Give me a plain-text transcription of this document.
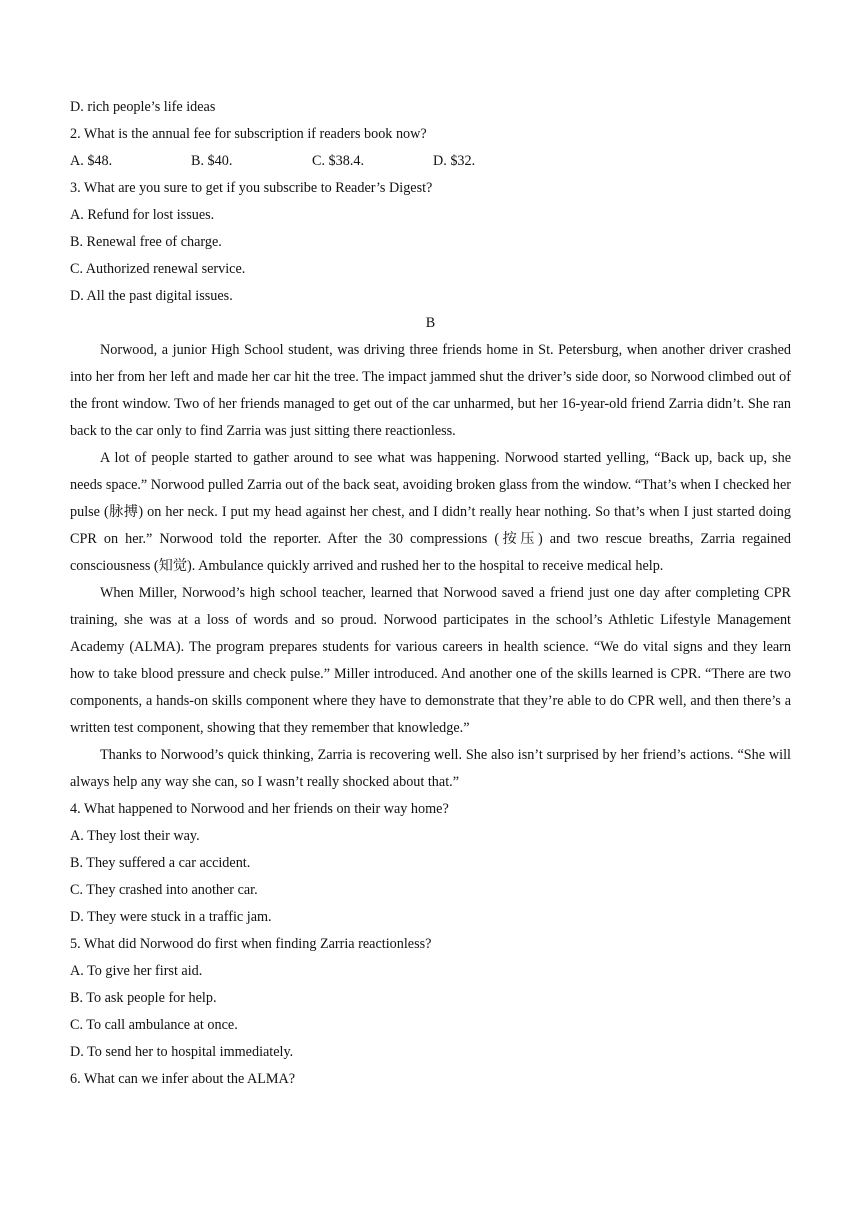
D. rich people’s life ideas
2. What is the annual fee for subscription if readers book now?
A. $48.	B. $40.	C. $38.4.	D. $32.
3. What are you sure to get if you subscribe to Reader’s Digest?
A. Refund for lost issues.
B. Renewal free of charge.
C. Authorized renewal service.
D. All the past digital issues.
B
Norwood, a junior High School student, was driving three friends home in St. Petersburg, when another driver crashed into her from her left and made her car hit the tree. The impact jammed shut the driver’s side door, so Norwood climbed out of the front window. Two of her friends managed to get out of the car unharmed, but her 16-year-old friend Zarria didn’t. She ran back to the car only to find Zarria was just sitting there reactionless.
A lot of people started to gather around to see what was happening. Norwood started yelling, “Back up, back up, she needs space.” Norwood pulled Zarria out of the back seat, avoiding broken glass from the window. “That’s when I checked her pulse (脉搏) on her neck. I put my head against her chest, and I didn’t really hear nothing. So that’s when I just started doing CPR on her.” Norwood told the reporter. After the 30 compressions (按压) and two rescue breaths, Zarria regained consciousness (知觉). Ambulance quickly arrived and rushed her to the hospital to receive medical help.
When Miller, Norwood’s high school teacher, learned that Norwood saved a friend just one day after completing CPR training, she was at a loss of words and so proud. Norwood participates in the school’s Athletic Lifestyle Management Academy (ALMA). The program prepares students for various careers in health science. “We do vital signs and they learn how to take blood pressure and check pulse.” Miller introduced. And another one of the skills learned is CPR. “There are two components, a hands-on skills component where they have to demonstrate that they’re able to do CPR well, and then there’s a written test component, showing that they remember that knowledge.”
Thanks to Norwood’s quick thinking, Zarria is recovering well. She also isn’t surprised by her friend’s actions. “She will always help any way she can, so I wasn’t really shocked about that.”
4. What happened to Norwood and her friends on their way home?
A. They lost their way.
B. They suffered a car accident.
C. They crashed into another car.
D. They were stuck in a traffic jam.
5. What did Norwood do first when finding Zarria reactionless?
A. To give her first aid.
B. To ask people for help.
C. To call ambulance at once.
D. To send her to hospital immediately.
6. What can we infer about the ALMA?
